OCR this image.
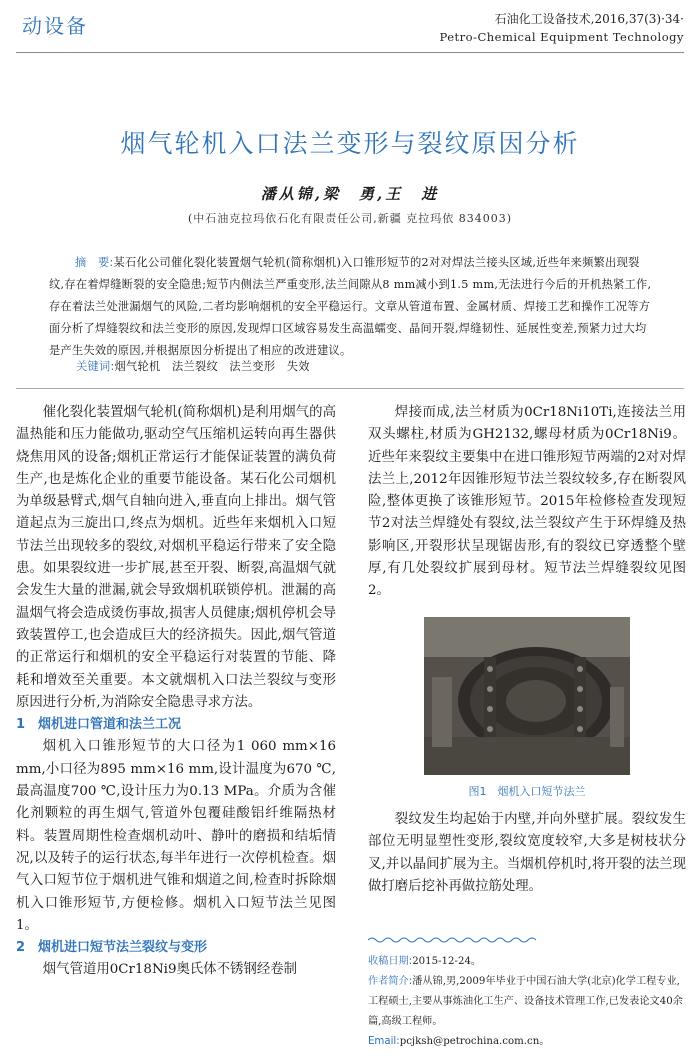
动设备	石油化工设备技术,2016,37(3)·34·
Petro-Chemical Equipment Technology
烟气轮机入口法兰变形与裂纹原因分析
潘从锦,梁　勇,王　进
(中石油克拉玛依石化有限责任公司,新疆 克拉玛依 834003)
摘　要:某石化公司催化裂化装置烟气轮机(简称烟机)入口锥形短节的2对对焊法兰接头区域,近些年来频繁出现裂纹,存在着焊缝断裂的安全隐患;短节内侧法兰严重变形,法兰间隙从8 mm减小到1.5 mm,无法进行今后的开机热紧工作,存在着法兰处泄漏烟气的风险,二者均影响烟机的安全平稳运行。文章从管道布置、金属材质、焊接工艺和操作工况等方面分析了焊缝裂纹和法兰变形的原因,发现焊口区域容易发生高温蠕变、晶间开裂,焊缝韧性、延展性变差,预紧力过大均是产生失效的原因,并根据原因分析提出了相应的改进建议。
关键词:烟气轮机　法兰裂纹　法兰变形　失效

催化裂化装置烟气轮机(简称烟机)是利用烟气的高温热能和压力能做功,驱动空气压缩机运转向再生器供烧焦用风的设备;烟机正常运行才能保证装置的满负荷生产,也是炼化企业的重要节能设备。某石化公司烟机为单级悬臂式,烟气自轴向进入,垂直向上排出。烟气管道起点为三旋出口,终点为烟机。近些年来烟机入口短节法兰出现较多的裂纹,对烟机平稳运行带来了安全隐患。如果裂纹进一步扩展,甚至开裂、断裂,高温烟气就会发生大量的泄漏,就会导致烟机联锁停机。泄漏的高温烟气将会造成烫伤事故,损害人员健康;烟机停机会导致装置停工,也会造成巨大的经济损失。因此,烟气管道的正常运行和烟机的安全平稳运行对装置的节能、降耗和增效至关重要。本文就烟机入口法兰裂纹与变形原因进行分析,为消除安全隐患寻求方法。

1 烟机进口管道和法兰工况

烟机入口锥形短节的大口径为1 060 mm×16 mm,小口径为895 mm×16 mm,设计温度为670 ℃,最高温度700 ℃,设计压力为0.13 MPa。介质为含催化剂颗粒的再生烟气,管道外包覆硅酸铝纤维隔热材料。装置周期性检查烟机动叶、静叶的磨损和结垢情况,以及转子的运行状态,每半年进行一次停机检查。烟气入口短节位于烟机进气锥和烟道之间,检查时拆除烟机入口锥形短节,方便检修。烟机入口短节法兰见图1。

2 烟机进口短节法兰裂纹与变形

烟气管道用0Cr18Ni9奥氏体不锈钢经卷制

焊接而成,法兰材质为0Cr18Ni10Ti,连接法兰用双头螺柱,材质为GH2132,螺母材质为0Cr18Ni9。近些年来裂纹主要集中在进口锥形短节两端的2对对焊法兰上,2012年因锥形短节法兰裂纹较多,存在断裂风险,整体更换了该锥形短节。2015年检修检查发现短节2对法兰焊缝处有裂纹,法兰裂纹产生于环焊缝及热影响区,开裂形状呈现锯齿形,有的裂纹已穿透整个壁厚,有几处裂纹扩展到母材。短节法兰焊缝裂纹见图2。

图1　烟机入口短节法兰

裂纹发生均起始于内壁,并向外壁扩展。裂纹发生部位无明显塑性变形,裂纹宽度较窄,大多是树枝状分叉,并以晶间扩展为主。当烟机停机时,将开裂的法兰现做打磨后挖补再做拉筋处理。

收稿日期:2015-12-24。
作者简介:潘从锦,男,2009年毕业于中国石油大学(北京)化学工程专业,工程硕士,主要从事炼油化工生产、设备技术管理工作,已发表论文40余篇,高级工程师。
Email:pcjksh@petrochina.com.cn。
